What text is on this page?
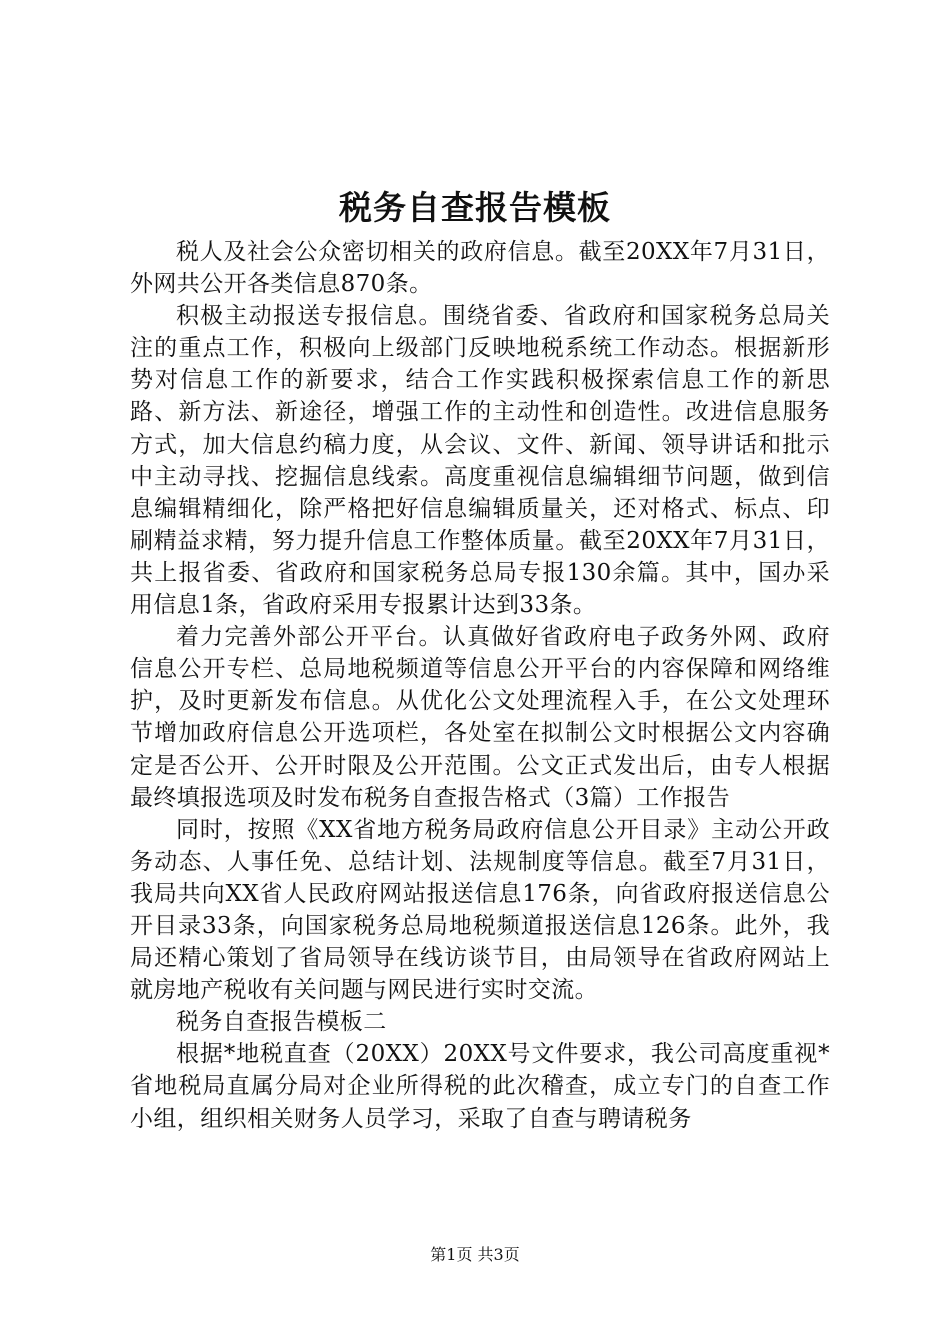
税务自查报告模板

税人及社会公众密切相关的政府信息。截至20XX年7月31日，外网共公开各类信息870条。

积极主动报送专报信息。围绕省委、省政府和国家税务总局关注的重点工作，积极向上级部门反映地税系统工作动态。根据新形势对信息工作的新要求，结合工作实践积极探索信息工作的新思路、新方法、新途径，增强工作的主动性和创造性。改进信息服务方式，加大信息约稿力度，从会议、文件、新闻、领导讲话和批示中主动寻找、挖掘信息线索。高度重视信息编辑细节问题，做到信息编辑精细化，除严格把好信息编辑质量关，还对格式、标点、印刷精益求精，努力提升信息工作整体质量。截至20XX年7月31日，共上报省委、省政府和国家税务总局专报130余篇。其中，国办采用信息1条，省政府采用专报累计达到33条。

着力完善外部公开平台。认真做好省政府电子政务外网、政府信息公开专栏、总局地税频道等信息公开平台的内容保障和网络维护，及时更新发布信息。从优化公文处理流程入手，在公文处理环节增加政府信息公开选项栏，各处室在拟制公文时根据公文内容确定是否公开、公开时限及公开范围。公文正式发出后，由专人根据最终填报选项及时发布税务自查报告格式（3篇）工作报告

同时，按照《XX省地方税务局政府信息公开目录》主动公开政务动态、人事任免、总结计划、法规制度等信息。截至7月31日，我局共向XX省人民政府网站报送信息176条，向省政府报送信息公开目录33条，向国家税务总局地税频道报送信息126条。此外，我局还精心策划了省局领导在线访谈节目，由局领导在省政府网站上就房地产税收有关问题与网民进行实时交流。

税务自查报告模板二

根据*地税直查（20XX）20XX号文件要求，我公司高度重视*省地税局直属分局对企业所得税的此次稽查，成立专门的自查工作小组，组织相关财务人员学习，采取了自查与聘请税务

第1页 共3页
